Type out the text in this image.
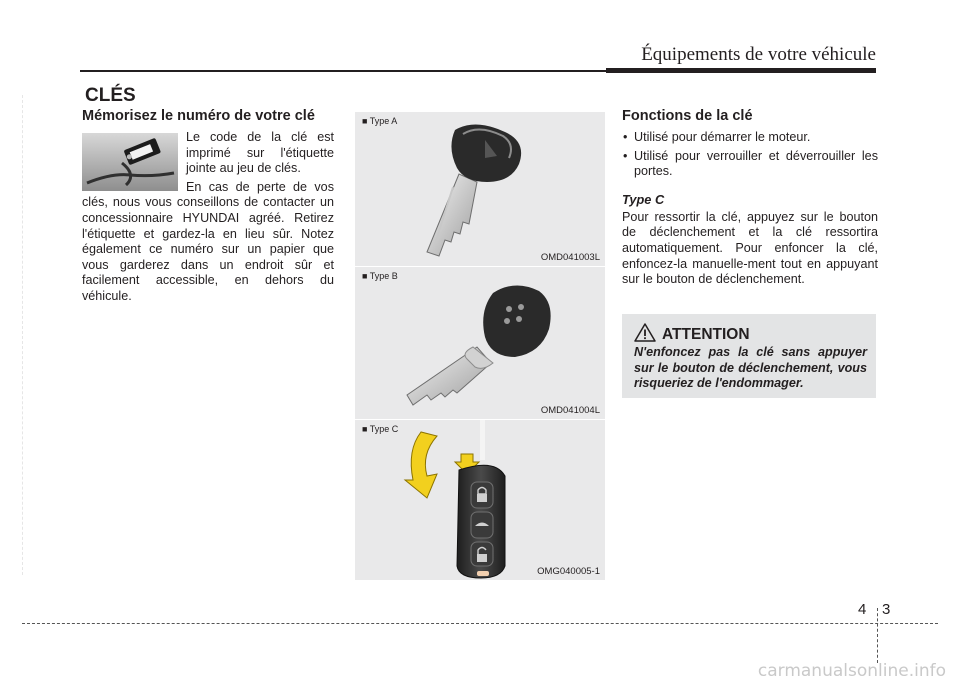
Équipements de votre véhicule
CLÉS
Mémorisez le numéro de votre clé

Le code de la clé est imprimé sur l'étiquette jointe au jeu de clés.

En cas de perte de vos clés, nous vous conseillons de contacter un concessionnaire HYUNDAI agréé. Retirez l'étiquette et gardez-la en lieu sûr. Notez également ce numéro sur un papier que vous garderez dans un endroit sûr et facilement accessible, en dehors du véhicule.

■ Type A
OMD041003L
■ Type B
OMD041004L
■ Type C
OMG040005-1
Fonctions de la clé
• Utilisé pour démarrer le moteur.
• Utilisé pour verrouiller et déverrouiller les portes.
Type C

Pour ressortir la clé, appuyez sur le bouton de déclenchement et la clé ressortira automatiquement. Pour enfoncer la clé, enfoncez-la manuelle-ment tout en appuyant sur le bouton de déclenchement.

ATTENTION
N'enfoncez pas la clé sans appuyer sur le bouton de déclenchement, vous risqueriez de l'endommager.
4 3
carmanualsonline.info
